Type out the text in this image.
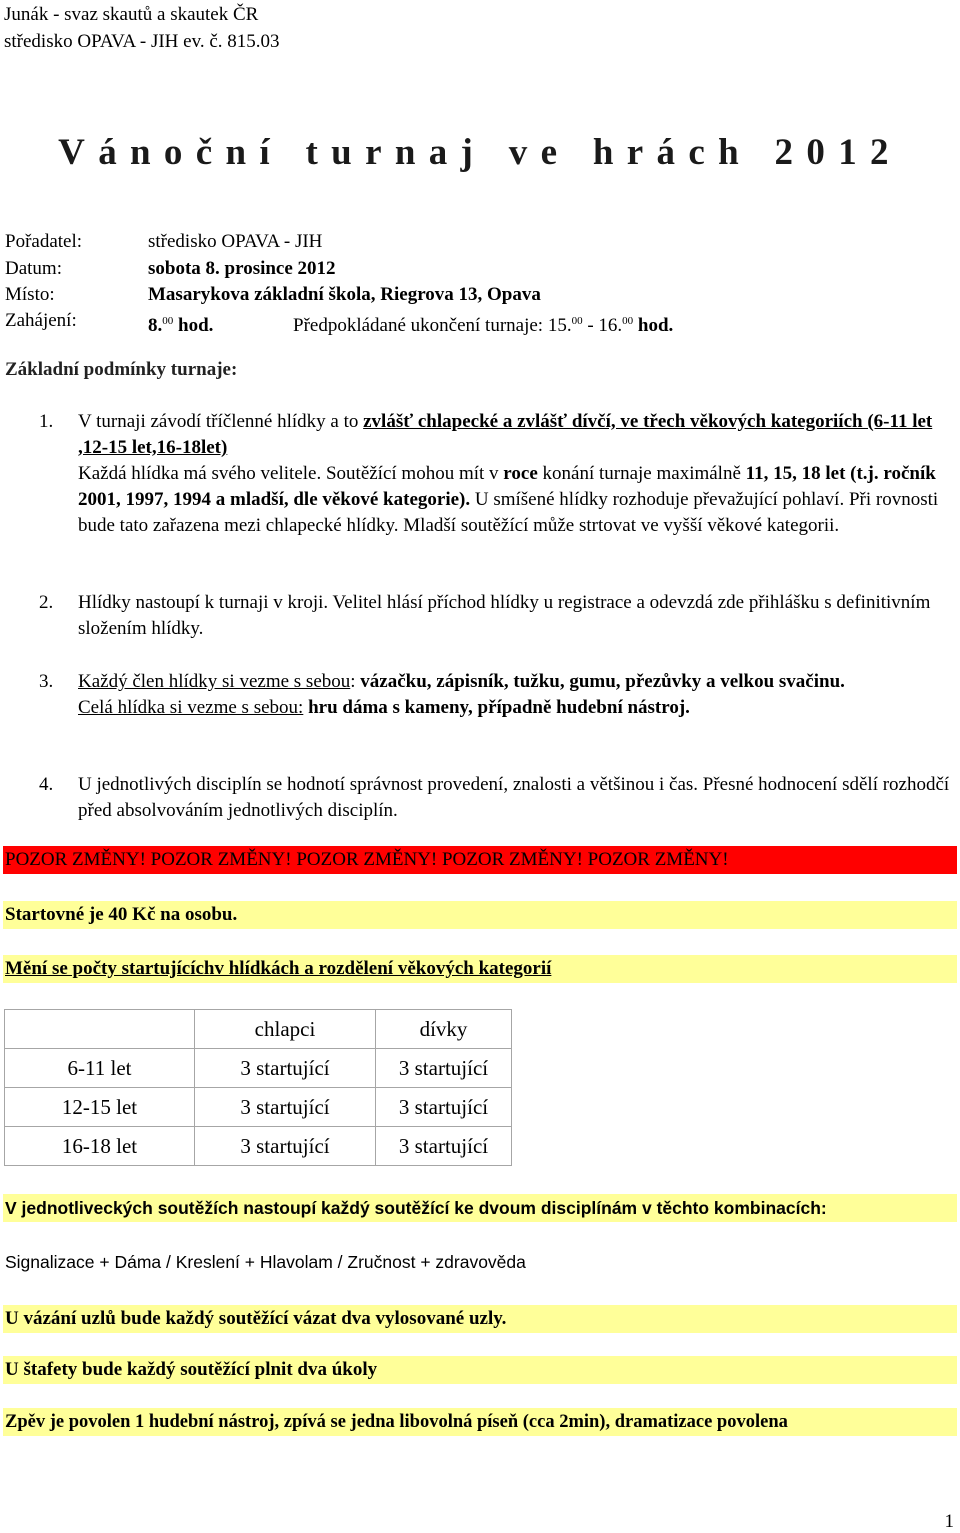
Junák - svaz skautů a skautek ČR
středisko OPAVA - JIH ev. č. 815.03
Vánoční turnaj ve hrách 2012
Pořadatel:	středisko OPAVA - JIH
Datum:	sobota 8. prosince 2012
Místo:	Masarykova základní škola, Riegrova 13, Opava
Zahájení:	8.00 hod.	Předpokládané ukončení turnaje: 15.00 - 16.00 hod.
Základní podmínky turnaje:
1. V turnaji závodí tříčlenné hlídky a to zvlášť chlapecké a zvlášť dívčí, ve třech věkových kategoriích (6-11 let ,12-15 let,16-18let)
Každá hlídka má svého velitele. Soutěžící mohou mít v roce konání turnaje maximálně 11, 15, 18 let (t.j. ročník 2001, 1997, 1994 a mladší, dle věkové kategorie). U smíšené hlídky rozhoduje převažující pohlaví. Při rovnosti bude tato zařazena mezi chlapecké hlídky. Mladší soutěžící může strtovat ve vyšší věkové kategorii.
2. Hlídky nastoupí k turnaji v kroji. Velitel hlásí příchod hlídky u registrace a odevzdá zde přihlášku s definitivním složením hlídky.
3. Každý člen hlídky si vezme s sebou: vázačku, zápisník, tužku, gumu, přezůvky a velkou svačinu.
Celá hlídka si vezme s sebou: hru dáma s kameny, případně hudební nástroj.
4. U jednotlivých disciplín se hodnotí správnost provedení, znalosti a většinou i čas. Přesné hodnocení sdělí rozhodčí před absolvováním jednotlivých disciplín.
POZOR ZMĚNY! POZOR ZMĚNY! POZOR ZMĚNY! POZOR ZMĚNY! POZOR ZMĚNY!
Startovné je 40 Kč na osobu.
Mění se počty startujícíchv hlídkách a rozdělení věkových kategorií
	chlapci	dívky
6-11 let	3 startující	3 startující
12-15 let	3 startující	3 startující
16-18 let	3 startující	3 startující
V jednotliveckých soutěžích nastoupí každý soutěžící ke dvoum disciplínám v těchto kombinacích:
Signalizace + Dáma / Kreslení + Hlavolam / Zručnost + zdravověda
U vázání uzlů bude každý soutěžící vázat dva vylosované uzly.
U štafety bude každý soutěžící plnit dva úkoly
Zpěv je povolen 1 hudební nástroj, zpívá se jedna libovolná píseň (cca 2min), dramatizace povolena
1
